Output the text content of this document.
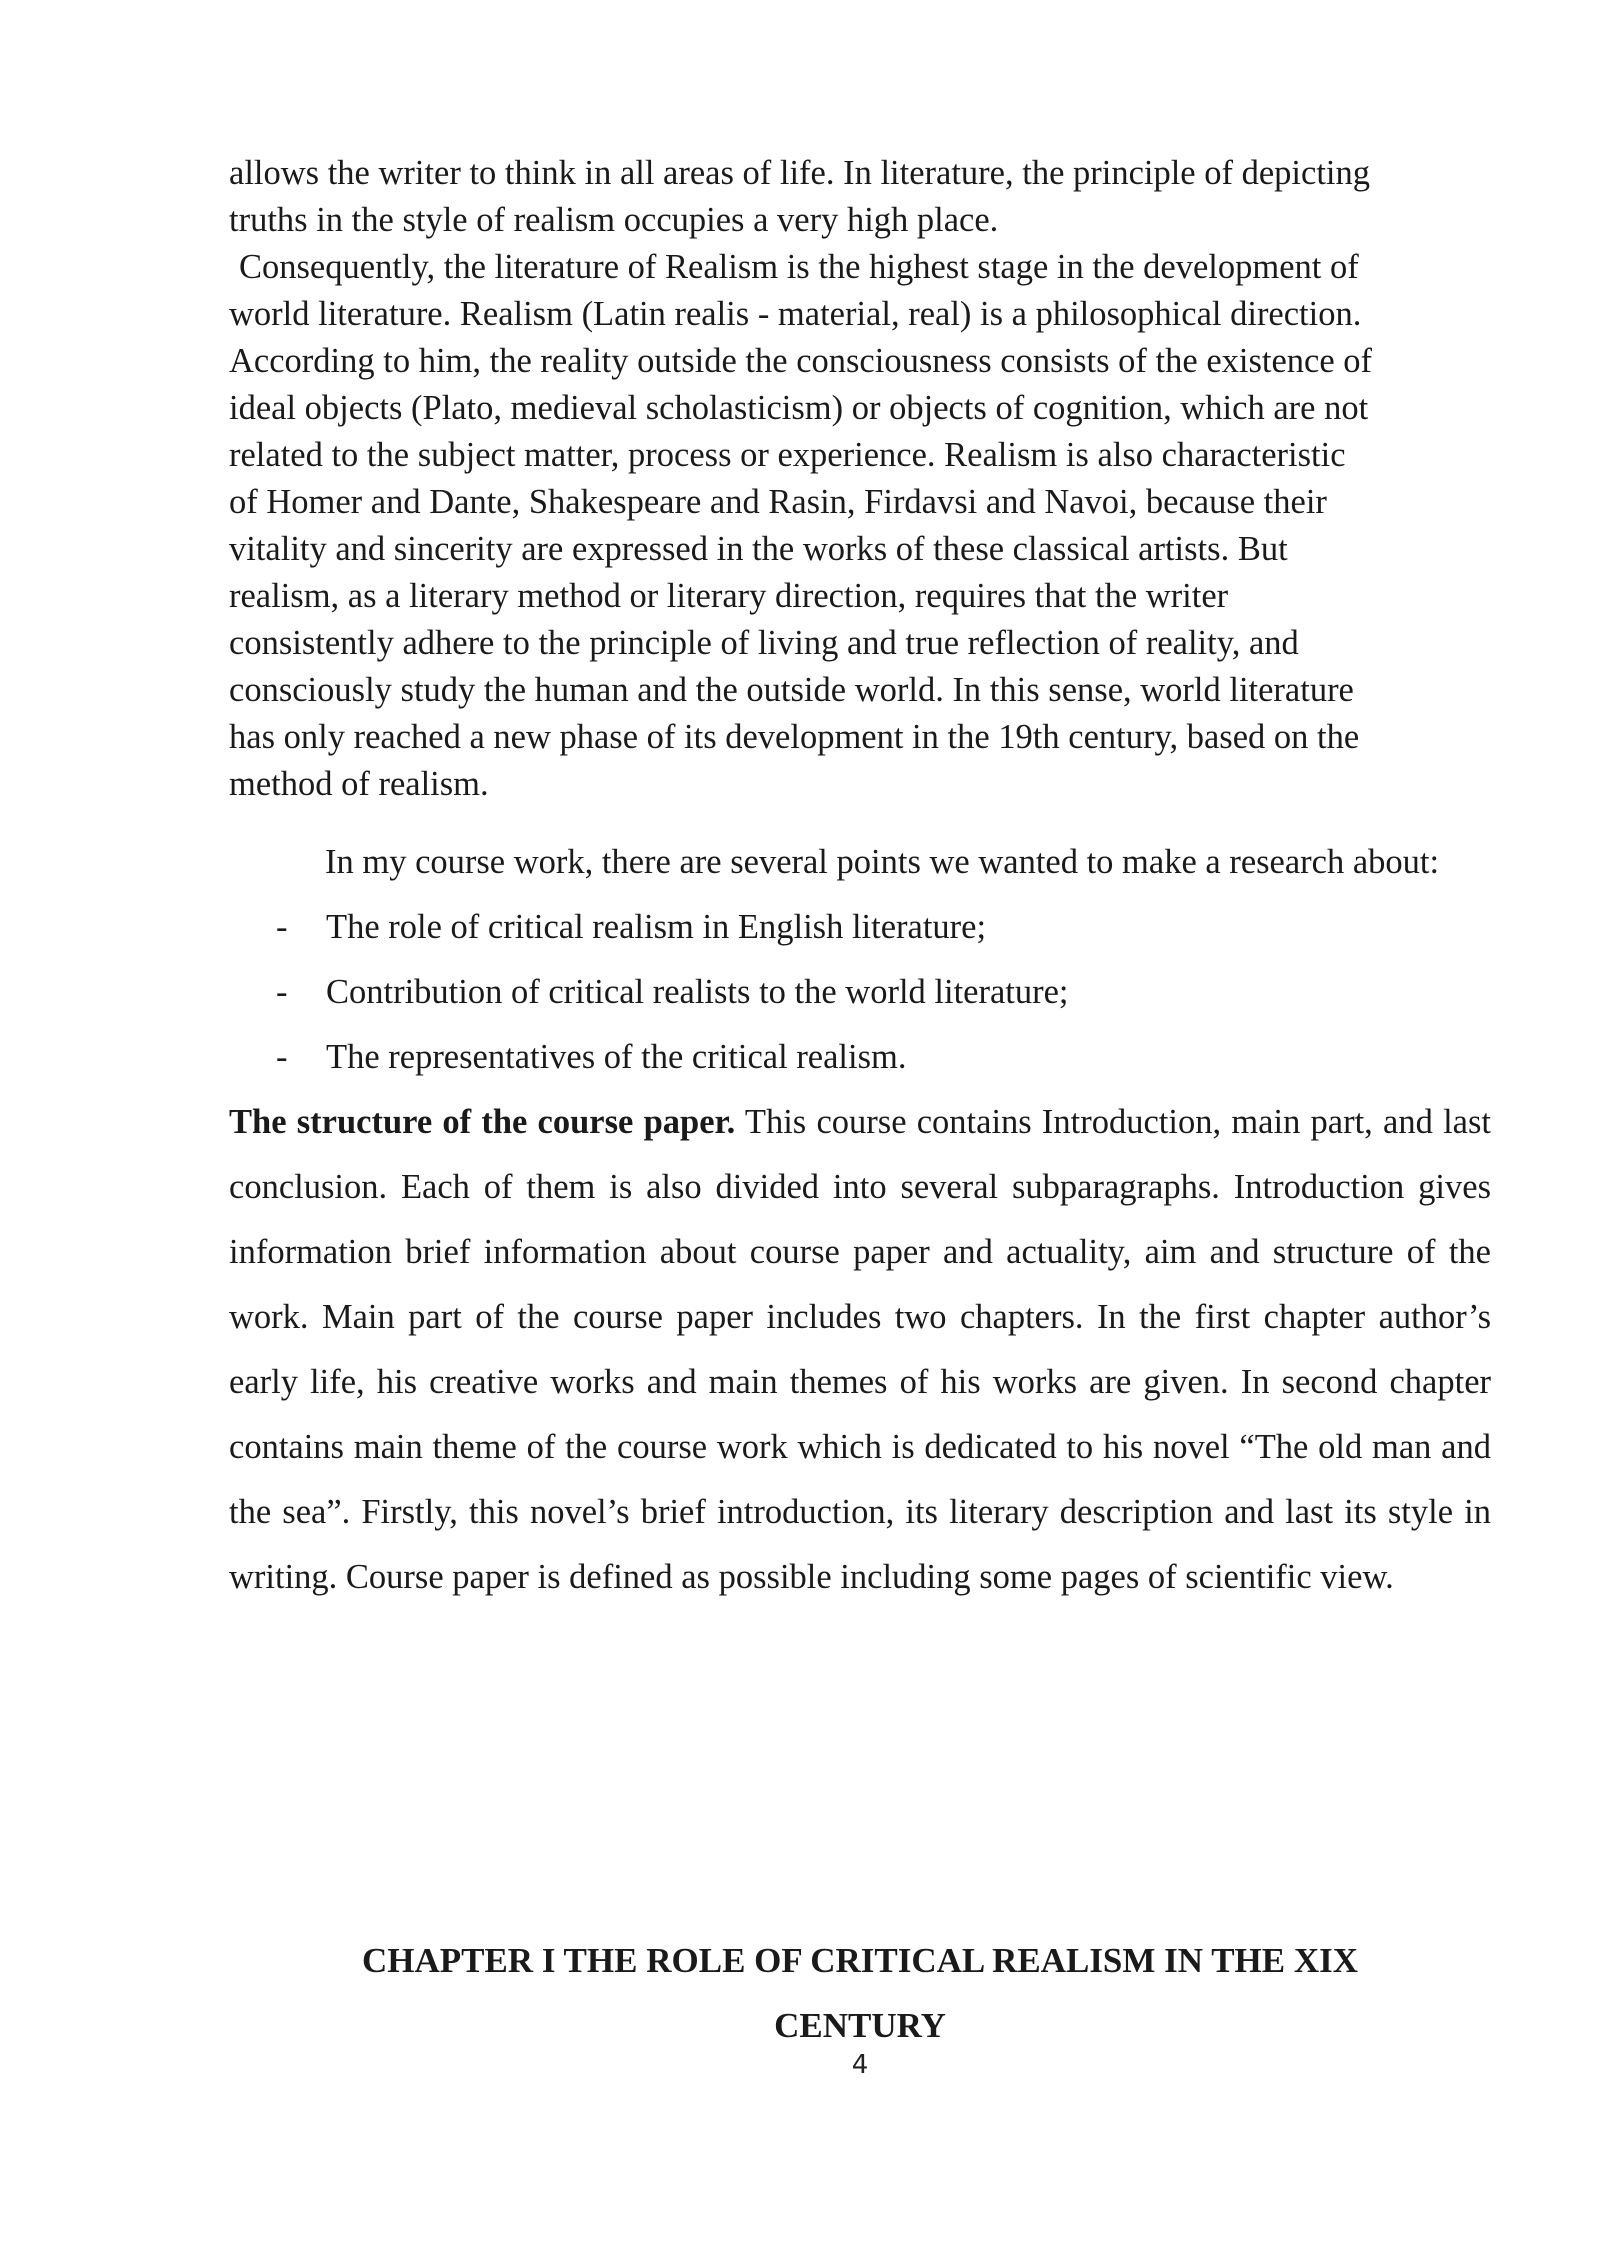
allows the writer to think in all areas of life. In literature, the principle of depicting
truths in the style of realism occupies a very high place.

Consequently, the literature of Realism is the highest stage in the development of
world literature. Realism (Latin realis - material, real) is a philosophical direction.
According to him, the reality outside the consciousness consists of the existence of
ideal objects (Plato, medieval scholasticism) or objects of cognition, which are not
related to the subject matter, process or experience. Realism is also characteristic
of Homer and Dante, Shakespeare and Rasin, Firdavsi and Navoi, because their
vitality and sincerity are expressed in the works of these classical artists. But
realism, as a literary method or literary direction, requires that the writer
consistently adhere to the principle of living and true reflection of reality, and
consciously study the human and the outside world. In this sense, world literature
has only reached a new phase of its development in the 19th century, based on the
method of realism.

In my course work, there are several points we wanted to make a research about:

- The role of critical realism in English literature;
- Contribution of critical realists to the world literature;
- The representatives of the critical realism.

The structure of the course paper. This course contains Introduction, main part, and last conclusion. Each of them is also divided into several subparagraphs. Introduction gives information brief information about course paper and actuality, aim and structure of the work. Main part of the course paper includes two chapters. In the first chapter author’s early life, his creative works and main themes of his works are given. In second chapter contains main theme of the course work which is dedicated to his novel “The old man and the sea”. Firstly, this novel’s brief introduction, its literary description and last its style in writing. Course paper is defined as possible including some pages of scientific view.

CHAPTER I THE ROLE OF CRITICAL REALISM IN THE XIX
CENTURY
4
